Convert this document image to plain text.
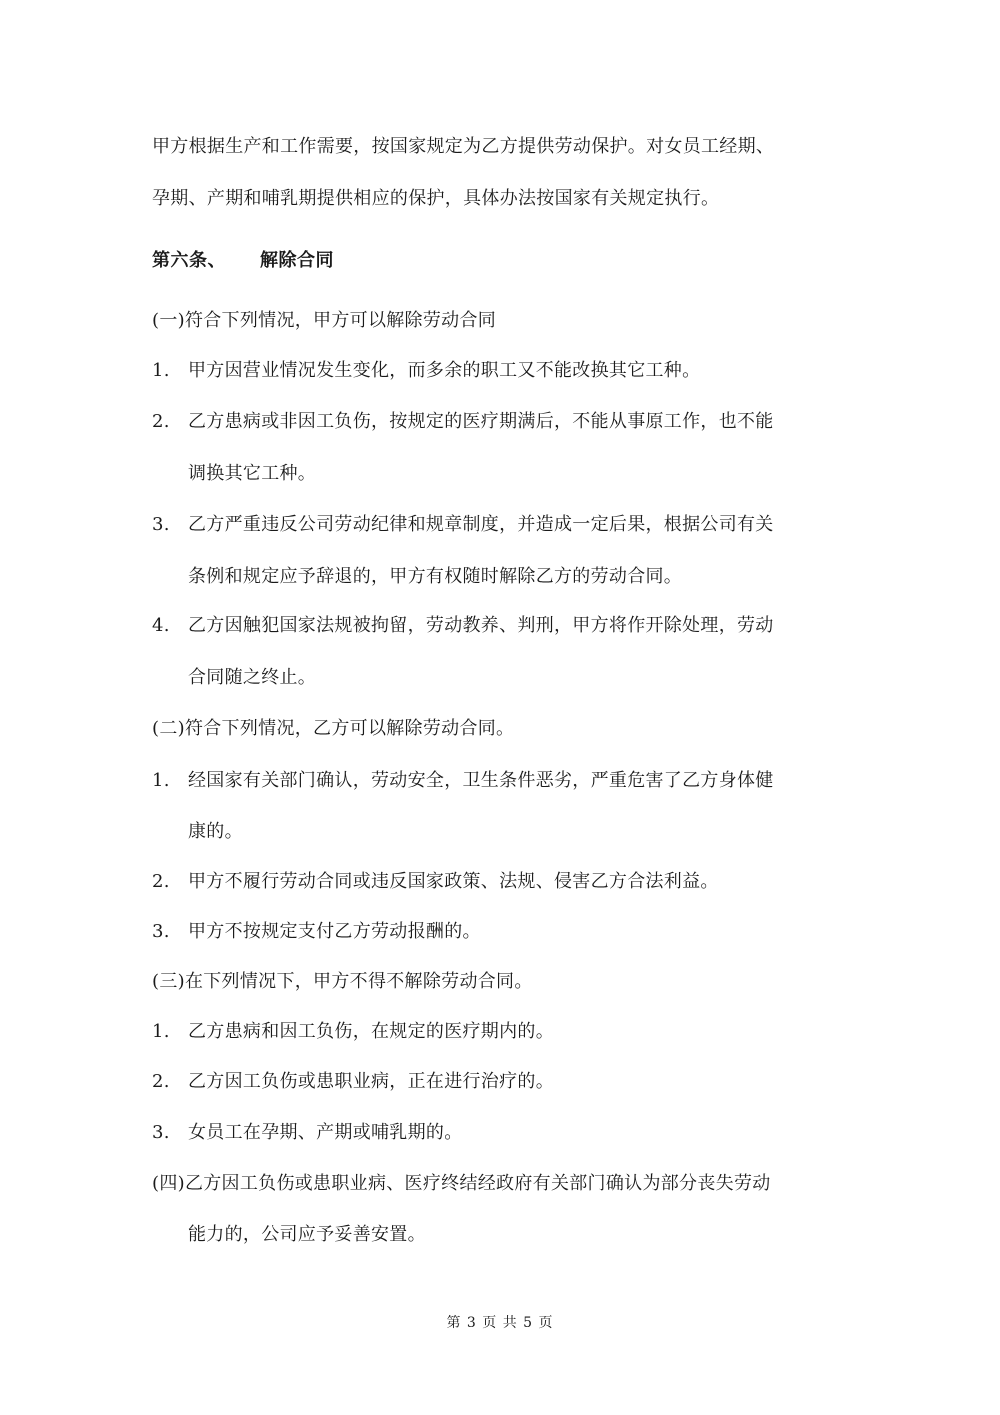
甲方根据生产和工作需要，按国家规定为乙方提供劳动保护。对女员工经期、
孕期、产期和哺乳期提供相应的保护，具体办法按国家有关规定执行。
第六条、 解除合同
(一)符合下列情况，甲方可以解除劳动合同
1. 甲方因营业情况发生变化，而多余的职工又不能改换其它工种。
2. 乙方患病或非因工负伤，按规定的医疗期满后，不能从事原工作，也不能
调换其它工种。
3. 乙方严重违反公司劳动纪律和规章制度，并造成一定后果，根据公司有关
条例和规定应予辞退的，甲方有权随时解除乙方的劳动合同。
4. 乙方因触犯国家法规被拘留，劳动教养、判刑，甲方将作开除处理，劳动
合同随之终止。
(二)符合下列情况，乙方可以解除劳动合同。
1. 经国家有关部门确认，劳动安全，卫生条件恶劣，严重危害了乙方身体健
康的。
2. 甲方不履行劳动合同或违反国家政策、法规、侵害乙方合法利益。
3. 甲方不按规定支付乙方劳动报酬的。
(三)在下列情况下，甲方不得不解除劳动合同。
1. 乙方患病和因工负伤，在规定的医疗期内的。
2. 乙方因工负伤或患职业病，正在进行治疗的。
3. 女员工在孕期、产期或哺乳期的。
(四)乙方因工负伤或患职业病、医疗终结经政府有关部门确认为部分丧失劳动
能力的，公司应予妥善安置。
第 3 页 共 5 页
